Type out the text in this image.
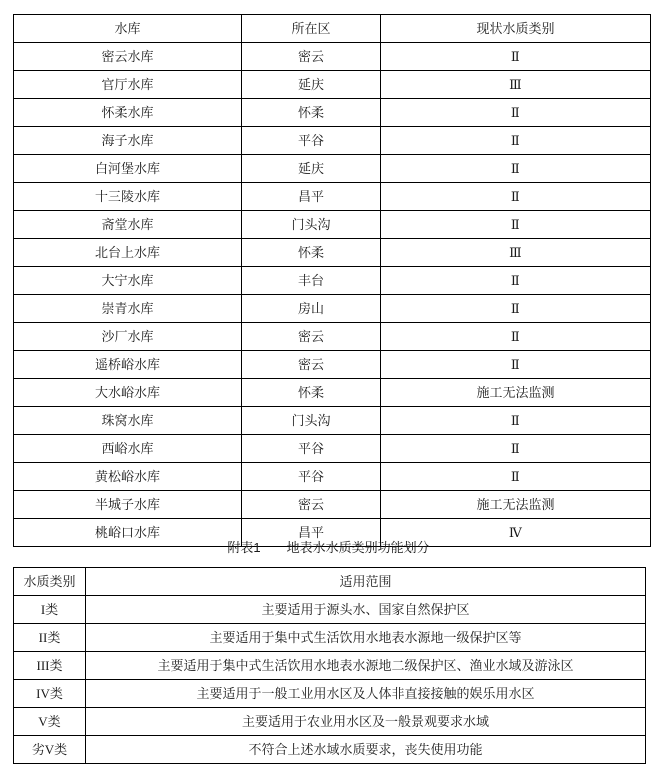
水库	所在区	现状水质类别
密云水库	密云	Ⅱ
官厅水库	延庆	Ⅲ
怀柔水库	怀柔	Ⅱ
海子水库	平谷	Ⅱ
白河堡水库	延庆	Ⅱ
十三陵水库	昌平	Ⅱ
斋堂水库	门头沟	Ⅱ
北台上水库	怀柔	Ⅲ
大宁水库	丰台	Ⅱ
崇青水库	房山	Ⅱ
沙厂水库	密云	Ⅱ
遥桥峪水库	密云	Ⅱ
大水峪水库	怀柔	施工无法监测
珠窝水库	门头沟	Ⅱ
西峪水库	平谷	Ⅱ
黄松峪水库	平谷	Ⅱ
半城子水库	密云	施工无法监测
桃峪口水库	昌平	Ⅳ
附表1 地表水水质类别功能划分
水质类别	适用范围
I类	主要适用于源头水、国家自然保护区
II类	主要适用于集中式生活饮用水地表水源地一级保护区等
III类	主要适用于集中式生活饮用水地表水源地二级保护区、渔业水域及游泳区
IV类	主要适用于一般工业用水区及人体非直接接触的娱乐用水区
V类	主要适用于农业用水区及一般景观要求水域
劣V类	不符合上述水域水质要求，丧失使用功能
